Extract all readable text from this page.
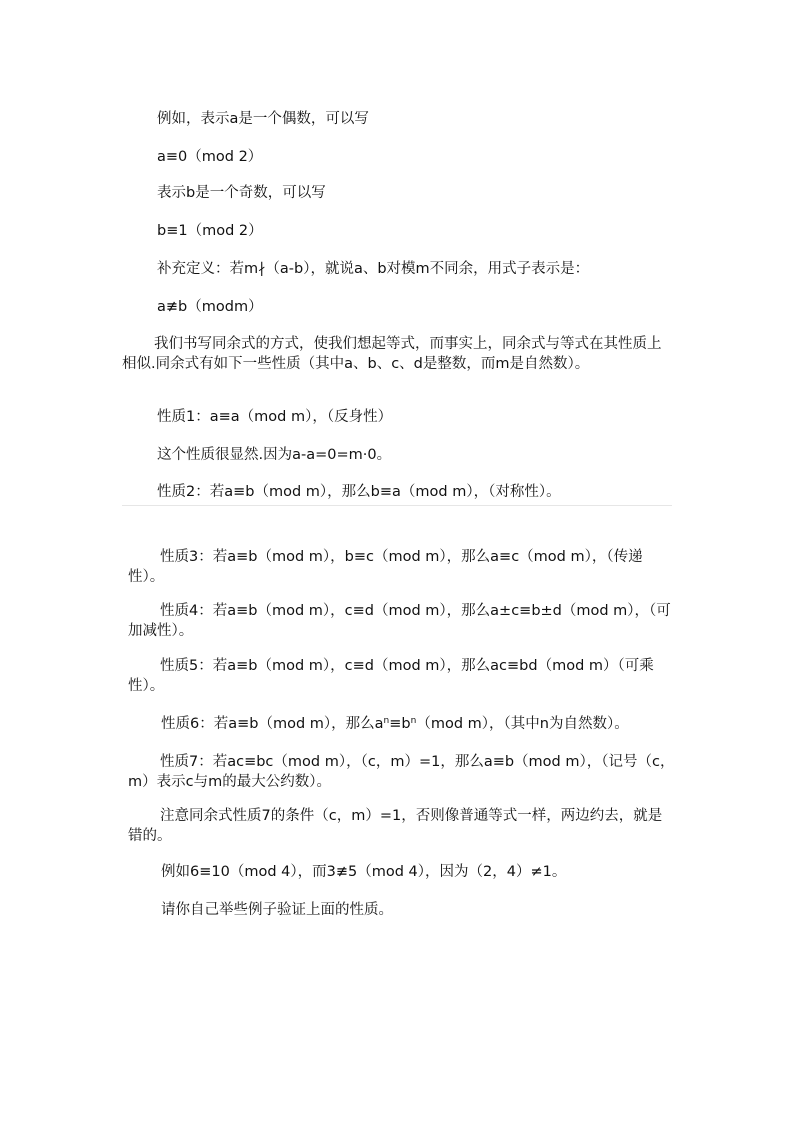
例如，表示a是一个偶数，可以写
a≡0（mod 2）
表示b是一个奇数，可以写
b≡1（mod 2）
补充定义：若m∤（a-b），就说a、b对模m不同余，用式子表示是：
a≢b（modm）
我们书写同余式的方式，使我们想起等式，而事实上，同余式与等式在其性质上相似.同余式有如下一些性质（其中a、b、c、d是整数，而m是自然数）。
性质1：a≡a（mod m），（反身性）
这个性质很显然.因为a-a=0=m·0。
性质2：若a≡b（mod m），那么b≡a（mod m），（对称性）。
性质3：若a≡b（mod m），b≡c（mod m），那么a≡c（mod m），（传递性）。
性质4：若a≡b（mod m），c≡d（mod m），那么a±c≡b±d（mod m），（可加减性）。
性质5：若a≡b（mod m），c≡d（mod m），那么ac≡bd（mod m）（可乘性）。
性质6：若a≡b（mod m），那么$a^n\equiv b^n(mod$ m），（其中n为自然数）。
性质7：若ac≡bc（mod m），（c，m）=1，那么a≡b（mod m），（记号（c，m）表示c与m的最大公约数）。
注意同余式性质7的条件（c，m）=1，否则像普通等式一样，两边约去，就是错的。
例如6≡10（mod 4），而3≢5（mod 4），因为（2，4）≠1。
请你自己举些例子验证上面的性质。
